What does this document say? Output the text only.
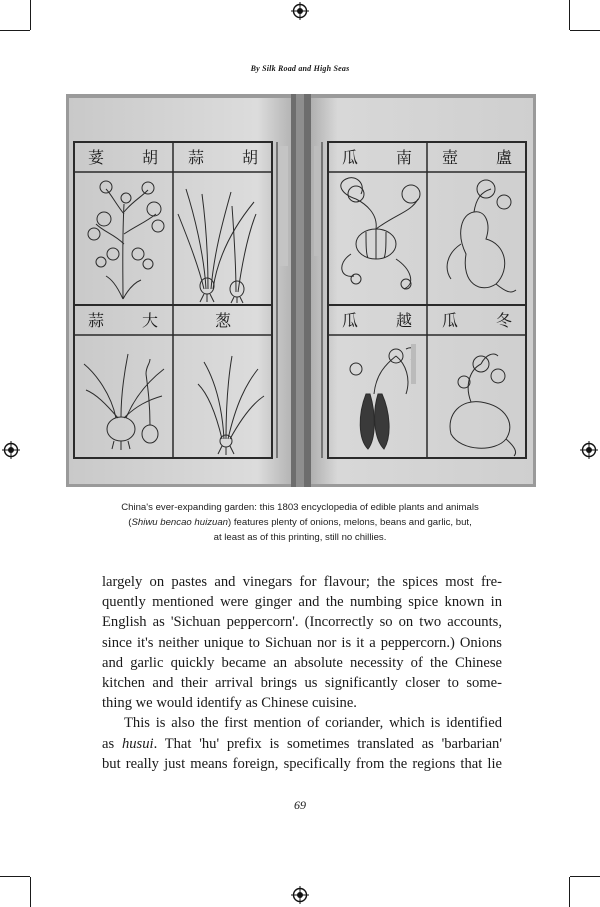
By Silk Road and High Seas
荽 胡 蒜 胡
蒜 大	葱
瓜 南 壺 盧
瓜 越 瓜 冬
China's ever-expanding garden: this 1803 encyclopedia of edible plants and animals
(Shiwu bencao huizuan) features plenty of onions, melons, beans and garlic, but,
at least as of this printing, still no chillies.
largely on pastes and vinegars for flavour; the spices most fre-
quently mentioned were ginger and the numbing spice known in
English as 'Sichuan peppercorn'. (Incorrectly so on two accounts,
since it's neither unique to Sichuan nor is it a peppercorn.) Onions
and garlic quickly became an absolute necessity of the Chinese
kitchen and their arrival brings us significantly closer to some-
thing we would identify as Chinese cuisine.
This is also the first mention of coriander, which is identified
as husui. That 'hu' prefix is sometimes translated as 'barbarian'
but really just means foreign, specifically from the regions that lie
69
